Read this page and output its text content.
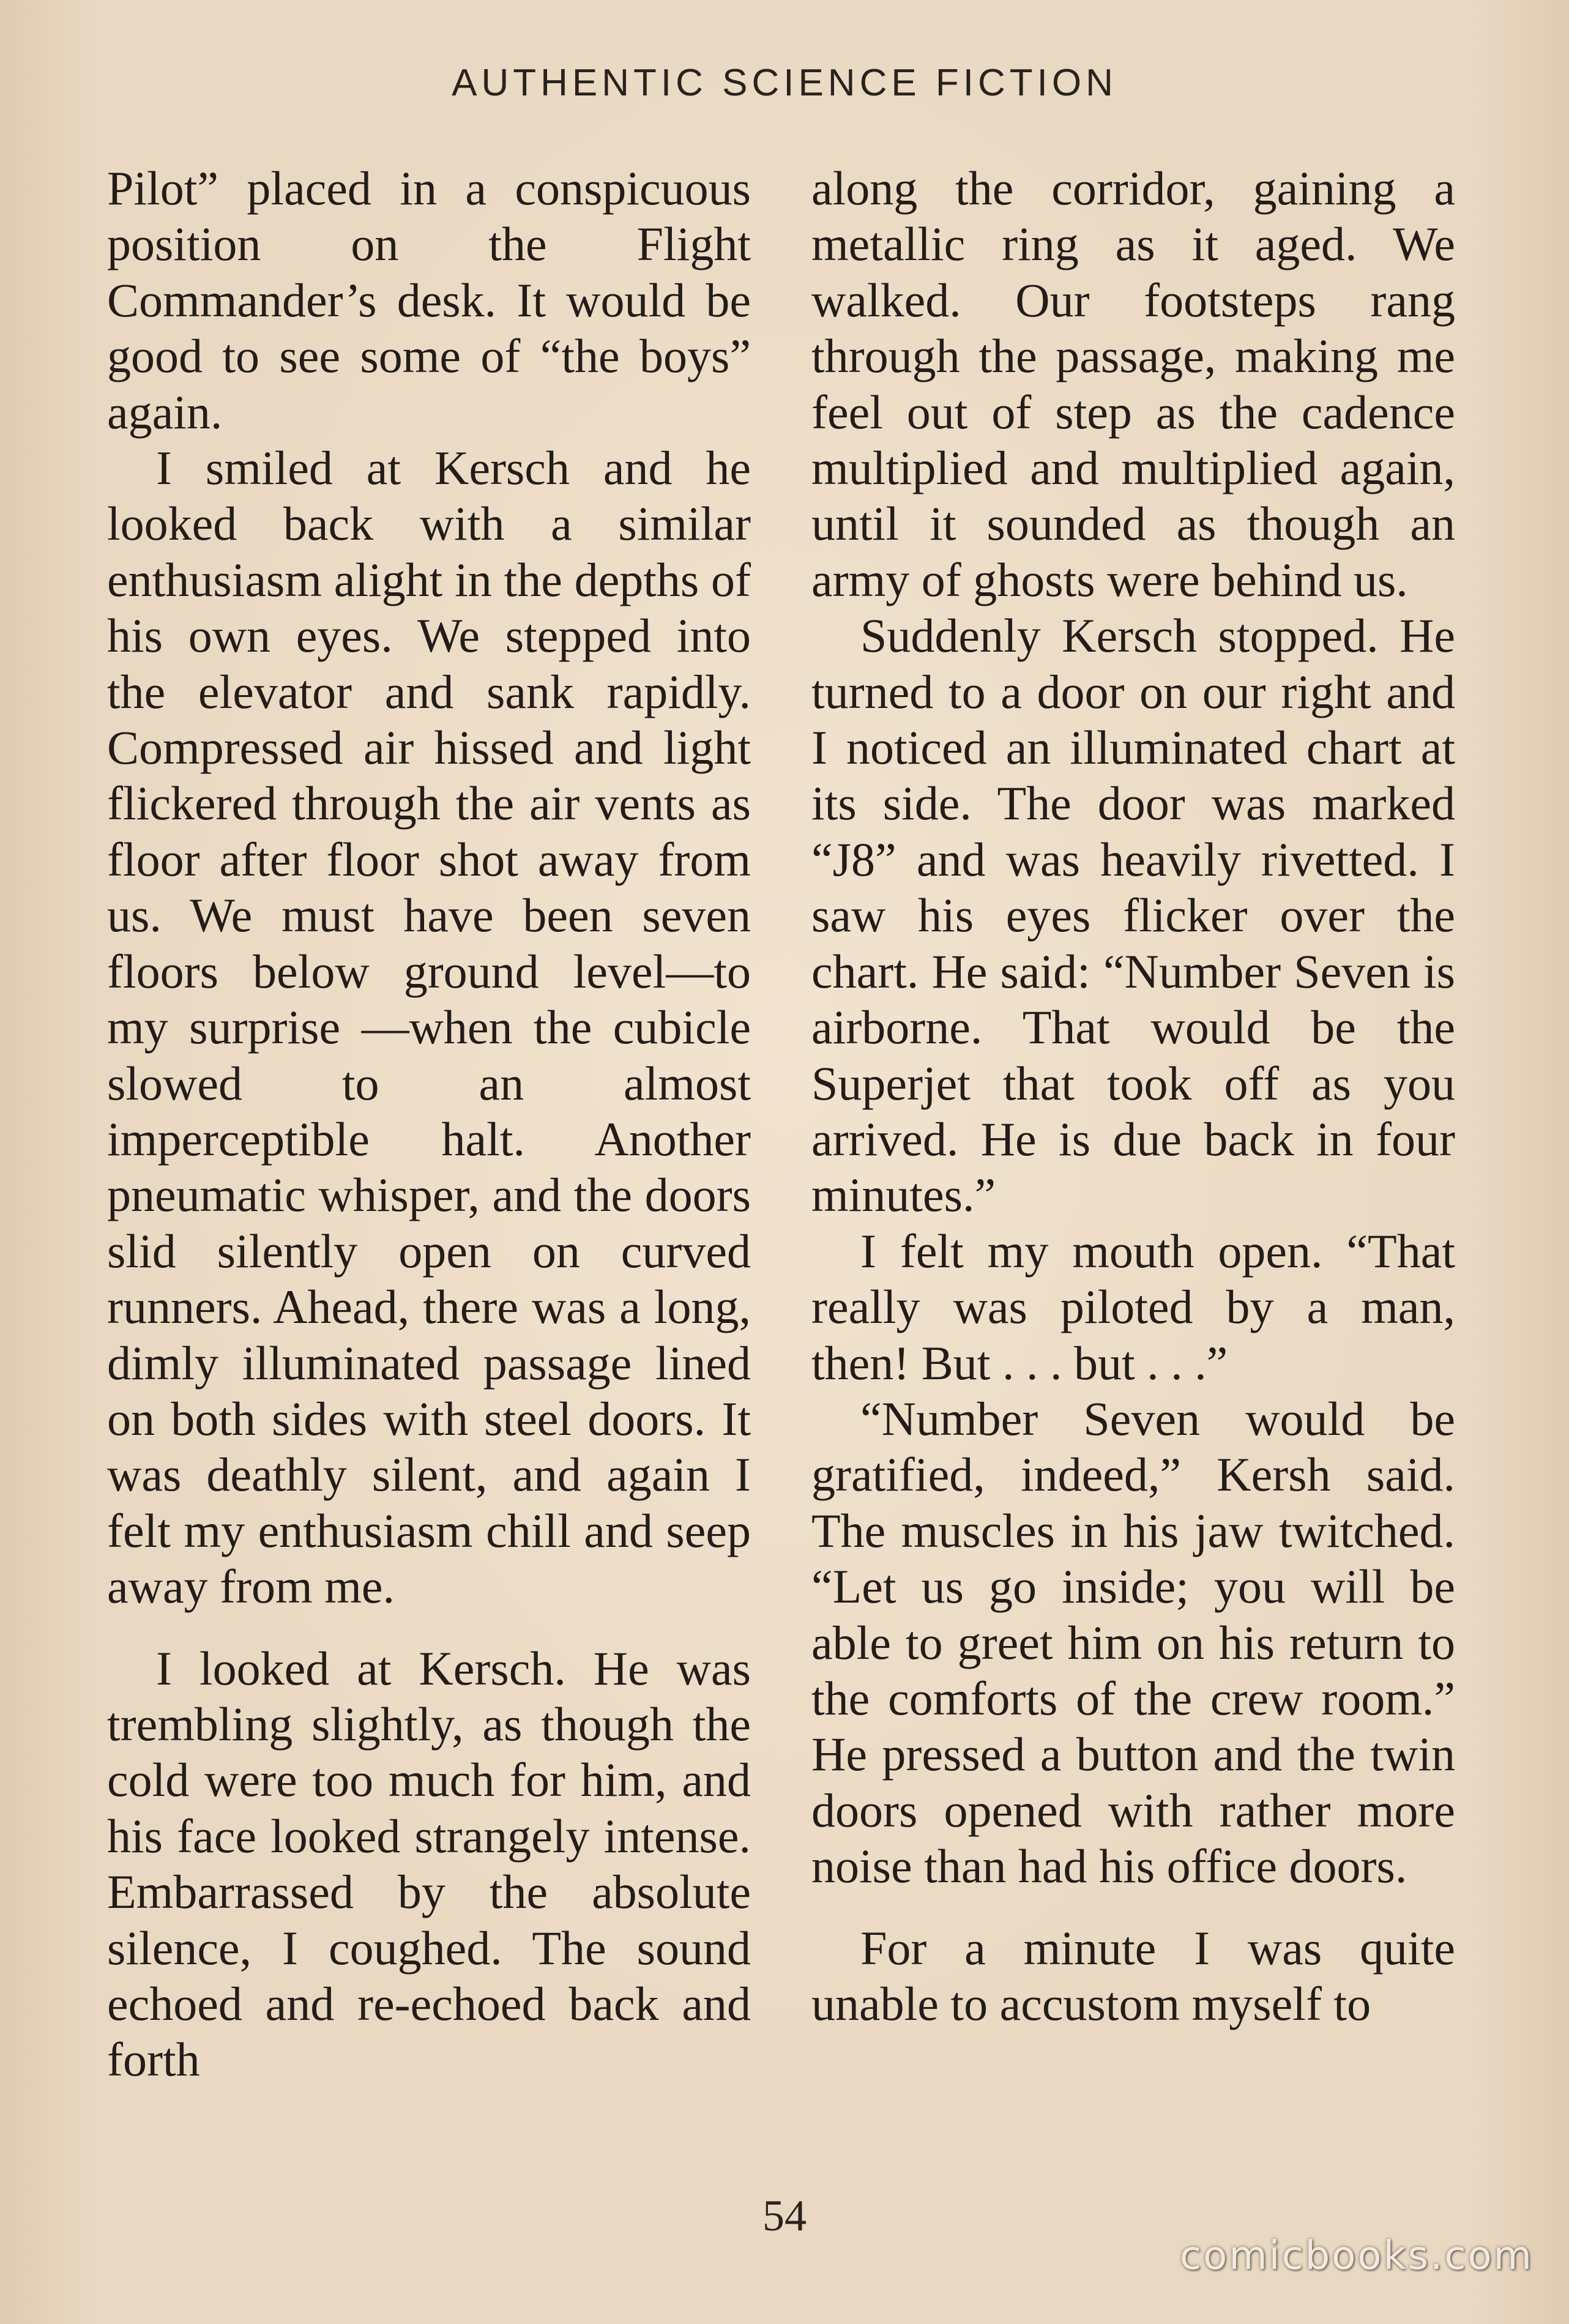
AUTHENTIC SCIENCE FICTION

Pilot” placed in a conspicuous position on the Flight Commander’s desk. It would be good to see some of “the boys” again.

I smiled at Kersch and he looked back with a similar enthusiasm alight in the depths of his own eyes. We stepped into the elevator and sank rapidly. Compressed air hissed and light flickered through the air vents as floor after floor shot away from us. We must have been seven floors below ground level—to my surprise —when the cubicle slowed to an almost imperceptible halt. Another pneumatic whisper, and the doors slid silently open on curved runners. Ahead, there was a long, dimly illuminated passage lined on both sides with steel doors. It was deathly silent, and again I felt my enthusiasm chill and seep away from me.

I looked at Kersch. He was trembling slightly, as though the cold were too much for him, and his face looked strangely intense. Embarrassed by the absolute silence, I coughed. The sound echoed and re-echoed back and forth

along the corridor, gaining a metallic ring as it aged. We walked. Our footsteps rang through the passage, making me feel out of step as the cadence multiplied and multiplied again, until it sounded as though an army of ghosts were behind us.

Suddenly Kersch stopped. He turned to a door on our right and I noticed an illuminated chart at its side. The door was marked “J8” and was heavily rivetted. I saw his eyes flicker over the chart. He said: “Number Seven is airborne. That would be the Superjet that took off as you arrived. He is due back in four minutes.”

I felt my mouth open. “That really was piloted by a man, then! But . . . but . . .”

“Number Seven would be gratified, indeed,” Kersh said. The muscles in his jaw twitched. “Let us go inside; you will be able to greet him on his return to the comforts of the crew room.” He pressed a button and the twin doors opened with rather more noise than had his office doors.

For a minute I was quite unable to accustom myself to

54
comicbooks.com
